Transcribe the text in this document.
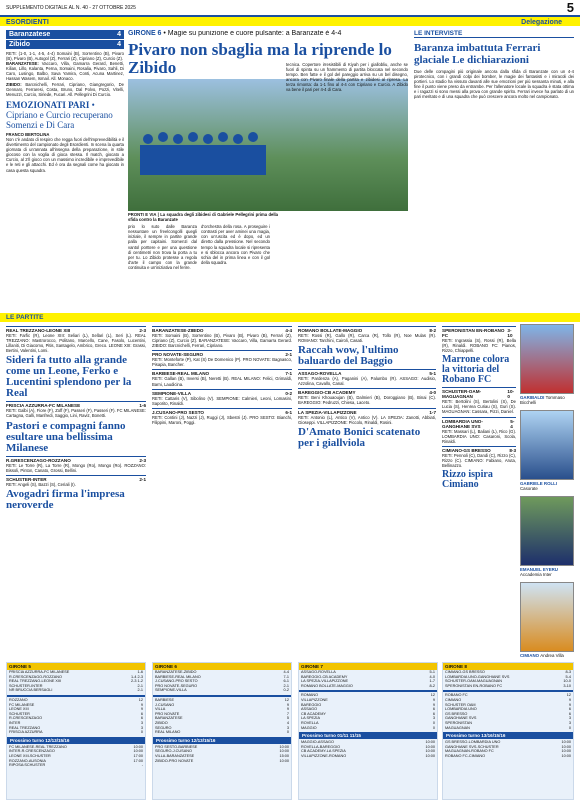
SUPPLEMENTO DIGITALE AL N. 40 - 27 OTTOBRE 2025	5
ESORDIENTI	Delegazione
Baranzatese	4
Zibido	4

RETI: (1-0, 1-1, 4-5, 4-4) Somaini (B), Sorrentino (B), Pivaro (B), Pivaro (B), Autogol (Z), Ferrari (Z), Cipriano (Z), Curcio (Z).

BARANZATESE: Vaccaro, Villa, Gamarra Gerard, Benetti, Kilian, Lillo, Kalanta, Perna, Somaini, Rosalia, Pivaro, Sahli, Di Caro, Lusingo, Balbo, Sava Yamira, Conti, Acuna Martinez, Hassan Wasem, Ismail. All. Monaco.

ZIBIDO: Barcnichelli, Ferrari, Cipriano, Giangregorio, De Gennaro, Ferraresi, Costa, Bruno, Dal Polvo, Pozzi, Vitelli, Menuzzi, Curcio, Siriede, Fucari. All. Pellegrini Di Curcio.

EMOZIONATI PARI • Cipriano e Curcio recuperano Somenzi e Di Cara

FRANCO BERTOLINA

Non c'è andato di respiro che regga fuori dell'imprevedibilità e il divertimento del campionato degli Esordienti. In scena la quarta giornata di un'annata all'insegna della preparazione, in stile giocoso con la voglia di gioca stessa. Il match, giocato a Curcio, al 2'il gioco con un massimo incredibile e imprevedibile e le reti e gli attacchi. Ed è ora da segnali come ha giocato in casa questa squadra.

GIRONE 6 • Magie su punizione e cuore pulsante: a Baranzate è 4-4
Pivaro non sbaglia ma la riprende lo Zibido

PRONTI E VIA | La squadra degli zibidesi di Gabriele Pellegrini prima della sfida contro la Baranzate

prio lo suto dalle Baranza nessuntare un freelcongolli quegli iniziale, il sempre in partite grande palla per capitaini. Somenzi dal vantol porttere e per una questione di centimetri non trova la porta a tu per tu. Lo Zibido protesse a regola d'arte il campo con la grande continuita e un'iniziativa nel ferire.

d'orchestra della rosa. A proseguire i contrasti per aver aminei una magia, con un'uscita ed è dopo, ed un diretto dalla pressione. Nel secondo tempo la squadra locale si ripresenta e si sblocca ancora con Pivaro che schia del in prima linea e con il gol della squadra.

tecnica. Copertore irresistibili di Kiyah per i giallobliu, anche se fuori di spinta su un frammento di partita bloccata nel secondo tempo. Ben fatte e il gol del pareggio arriva su un bel disegno, ancora con Pivaro finale della partita e zibidesi al ripresa. La terza rimonta: da 1-1 fino al 4-4 con Cipriano e Curcio. A Zibido va bene il pari per 4-4 di Cara.

LE INTERVISTE
Baranza imbattuta Ferrari glaciale Le dichiarazioni

Due delle compagini più originale ancora dalla sfida di Baranzate con un 4-4 pirotecnico, con i grandi colpi dei bomber, le magie dei fantasisti e i miracoli dei portieri. Lo stadio ha vissuto davanti alle sue emozioni per più sessanta minuti, e alla fine il punto viene preso da entrambe. Per l'allenatore locale la squadra è stata ottima e i ragazzi si sono messi alla prova con grande spirito. Ferrari invece ha parlato di un pari meritato e di una squadra che può crescere ancora molto nel campionato.

LE PARTITE
REAL TREZZANO-LEONE XIII	2-3

RETI: Farfic (R), Leone XIII: Seliari (L), Sellari (L), Seri (L). REAL TREZZANO: Mastrorocco, Politano, Marcello, Cane, Fasolo, Lucentini, Lillaniti, Di Giacomo, Pitis, Santagelo, Ambrico, Greco. LEONE XIII: Grassi, Bertini, Valentini, Lomi.

Sideri fa tutto alla grande come un Leone, Ferko e Lucentini splendono per la Real
FRISCIA AZZURRA-FC MILANESE	1-6

RETI: Galbi (A), Fiore (F), Zoff (F), Passeri (F), Passeri (F). FC MILANESE: Cartagna, Galli, Manfredi, Saggio, Lini, Raviz, Bonetti.

Pastori e compagni fanno esultare una bellissima Milanese
R.GRESCENZAGO-ROZZANO	2-3

RETI: Le Torre (R), La Torre (R), Mongo (Ro), Mongo (Ro). ROZZANO: Bissoli, Pinton, Canato, Grossi, Bellini.

SCHUSTER-INTER	2-1

RETI: Angeli (S), Bazzi (S), Ceriali (I).

Avogadri firma l'impresa neroverde
BARANZATESE-ZIBIDO	4-4

RETI: Somaini (B), Sorrentino (B), Pivaro (B), Pivaro (B), Ferrari (Z), Cipriano (Z), Curcio (Z). BARANZATESE: Vaccaro, Villa, Gamarra Gerard. ZIBIDO: Barcnichelli, Ferrari, Cipriano.

PRO NOVATE-SEGURO	2-1

RETI: Monteforte (P), Kat (S) De Domenico (P). PRO NOVATE: Bagnasco, Pisapia, Bancher.

BARBIESE-REAL MILANO	7-1

RETI: Gallan (B), Inversi (B), Neretti (B). REAL MILANO: Felici, Grimaldi, Barni, Laudicina.

SEMPIONE-VILLA	0-2

RETI: Cattaris (V), Sibolino (V). SEMPIONE: Calmieri, Leoni, Lomasini, Saporito, Rinaldi.

J.CUSANO-PRO SESTO	6-1

RETI: Contini (J), Nazzi (J), Ruggi (J), Sbestri (J). PRO SESTO: Bianchi, Filippini, Maroni, Poggi.

ROMANO BOLLATE-MAGGIO	8-2

RETI: Rossi (R), Gallo (R), Carca (R), Tollo (R), Noe Mulas (R). ROMANO: Tarchini, Cairoli, Casati.

Raccah wow, l'ultimo baluardo del Baggio
ASSAGO-ROVELLA	5-1

RETI: Pardenza (A), Paganini (A), Palumbo (R). ASSAGO: Audisio, Azzolina, Cavallo, Canal.

BAREGGIO-CB ACADEMY	4-0

RETI: Beni Khouaoujan (B), Dalmieri (B), Doroggiano (B), Binai (C). BAREGGIO: Pedruzzi, Chiesa, Laceto.

LA SPEZIA-VILLAPIZZONE	1-7

RETI: Antonio (L), Antico (V), Antico (V). LA SPEZIA: Zanotti, Abbiati, Gioseppi. VILLAPIZZONE: Piccolo, Rinaldi, Rosini.

D'Amato Bonici scatenato per i giallviola
SPERONISTAN EN-ROBANO FC
3-10

RETI: Ingrassia (S), Rossi (R), Bella (R), Rinaldi. ROBANO FC: Pianos, Rizzo, Chiappelli.

Marrone colora la vittoria del Robano FC
SCHUSTER-OAM-MAGUAGNAN
10-0

RETI: Bertolini (S), Bertolini (S), De Lucia (S), Henrea Curiau (S), Guri (S). MAGUAGNAN: Cassara, Pizzi, Daniel.

LOMBARDIA UNO-GANGHIANE SVS
5-4

RETI: Massari (L), Baliani (L), Rico (G). LOMBARDIA UNO: Casaroni, Scola, Rinaldi.

CIMIANO-GS BRESSO	8-3

RETI: Pennoli (C), Dandi (C), Rizzo (C), Rizzo (C). CIMIANO: Fabiano, Aruta, Bellinazzo.

Rizzo ispira Cimiano
GARIBALDI Tommaso Bicchelli
GABRIELE ROLLI Casorate
EMANUEL EYERU Accademia Inter
CIMIANO Andrea Villa
GIRONE 5
PRISCIA AZZURRA-FC MILANESE	1-6
R.CRESCENZAGO-ROZZANO	1-4 2-3
REAL TREZZANO-LEONE XIII	2-3 1-2
SCHUSTER-INTER	2-1
NR BRUCCIA BERSAGLI	2-1
ROZZANO	12
FC MILANESE	9
LEONE XIII	9
SCHUSTER	6
R.CRESCENZAGO	6
INTER	3
REAL TREZZANO	3
FRISCIA AZZURRA	0
Prossimo turno 12/13/15/16
FC MILANESE-REAL TREZZANO	10:00
INTER-R.CRESCENZAGO	10:00
LEONE XIII-SCHUSTER	17:00
ROZZANO-AUSONIA	17:00
RIPOSA:SCHUSTER	-
GIRONE 6
BARANZATESE-ZIBIDO	4-4
BARBIESE-REAL MILANO	7-1
J.CUSANO-PRO SESTO	6-1
PRO NOVATE-SEGURO	2-1
SEMPIONE-VILLA	0-2
BARBIESE	12
J.CUSANO	9
VILLA	9
PRO NOVATE	7
BARANZATESE	5
ZIBIDO	4
SEGURO	3
REAL MILANO	0
Prossimo turno 12/13/15/16
PRO SESTO-BARBIESE	10:00
SEGURO-J.CUSANO	10:00
VILLA-BARANZATESE	15:00
ZIBIDO-PRO NOVATE	10:00
GIRONE 7
ASSAGO-ROVELLA	5-1
BAREGGIO-CB ACADEMY	4-0
LA SPEZIA-VILLAPIZZONE	1-7
ROMANO BOLLATE-MAGGIO	8-2
ROMANO	12
VILLAPIZZONE	9
BAREGGIO	9
ASSAGO	6
CB ACADEMY	6
LA SPEZIA	3
ROVELLA	0
MAGGIO	0
Prossimo turno 01/11 11/15
MAGGIO-ASSAGO	10:00
ROVELLA-BAREGGIO	10:00
CB ACADEMY-LA SPEZIA	10:00
VILLAPIZZONE-ROMANO	10:00
GIRONE 8
CIMIANO-GS BRESSO	8-3
LOMBARDIA UNO-GANGHIANE SVS	5-4
SCHUSTER-OAM-MAGUAGNAN	10-0
SPERONISTAN EN-ROBANO FC	3-10
ROBANO FC	12
CIMIANO	9
SCHUSTER OAM	9
LOMBARDIA UNO	6
GS BRESSO	6
GANGHIANE SVS	3
SPERONISTAN	3
MAGUAGNAN	0
Prossimo turno 13/16/15/16
GS BRESSO-LOMBARDIA UNO	10:00
GANGHIANE SVS-SCHUSTER	10:00
MAGUAGNAN-ROBANO FC	10:00
ROBANO FC-CIMIANO	10:00
